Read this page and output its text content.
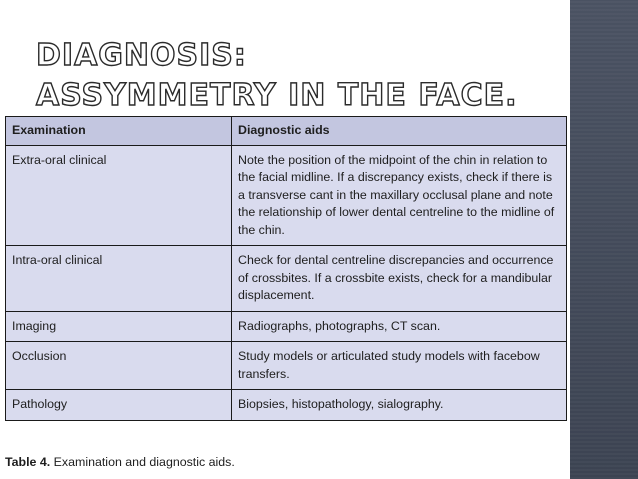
DIAGNOSIS:
ASSYMMETRY IN THE FACE.
Examination	Diagnostic aids
Extra-oral clinical	Note the position of the midpoint of the chin in relation to the facial midline. If a discrepancy exists, check if there is a transverse cant in the maxillary occlusal plane and note the relationship of lower dental centreline to the midline of the chin.
Intra-oral clinical	Check for dental centreline discrepancies and occurrence of crossbites. If a crossbite exists, check for a mandibular displacement.
Imaging	Radiographs, photographs, CT scan.
Occlusion	Study models or articulated study models with facebow transfers.
Pathology	Biopsies, histopathology, sialography.
Table 4. Examination and diagnostic aids.
